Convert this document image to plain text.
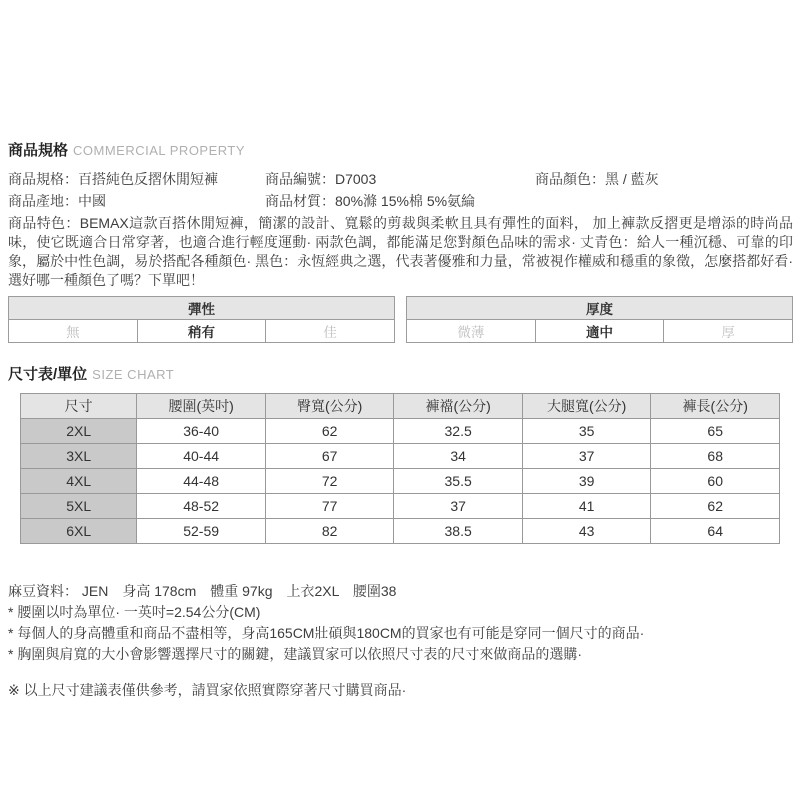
商品規格 COMMERCIAL PROPERTY
商品規格：百搭純色反摺休閒短褲	商品編號：D7003	商品顏色：黑 / 藍灰
商品產地：中國	商品材質：80%滌 15%棉 5%氨綸

商品特色：BEMAX這款百搭休閒短褲，簡潔的設計、寬鬆的剪裁與柔軟且具有彈性的面料， 加上褲款反摺更是增添的時尚品味，使它既適合日常穿著，也適合進行輕度運動· 兩款色調，都能滿足您對顏色品味的需求· 丈青色：給人一種沉穩、可靠的印象，屬於中性色調，易於搭配各種顏色· 黑色：永恆經典之選，代表著優雅和力量，常被視作權威和穩重的象徵，怎麼搭都好看· 選好哪一種顏色了嗎？下單吧！

彈性
無	稍有	佳
厚度
微薄	適中	厚
尺寸表/單位 SIZE CHART
尺寸	腰圍(英吋)	臀寬(公分)	褲襠(公分)	大腿寬(公分)	褲長(公分)
2XL	36-40	62	32.5	35	65
3XL	40-44	67	34	37	68
4XL	44-48	72	35.5	39	60
5XL	48-52	77	37	41	62
6XL	52-59	82	38.5	43	64
麻豆資料： JEN　身高 178cm　體重 97kg　上衣2XL　腰圍38
* 腰圍以吋為單位· 一英吋=2.54公分(CM)
* 每個人的身高體重和商品不盡相等，身高165CM壯碩與180CM的買家也有可能是穿同一個尺寸的商品·
* 胸圍與肩寬的大小會影響選擇尺寸的關鍵，建議買家可以依照尺寸表的尺寸來做商品的選購·
※ 以上尺寸建議表僅供參考，請買家依照實際穿著尺寸購買商品·
